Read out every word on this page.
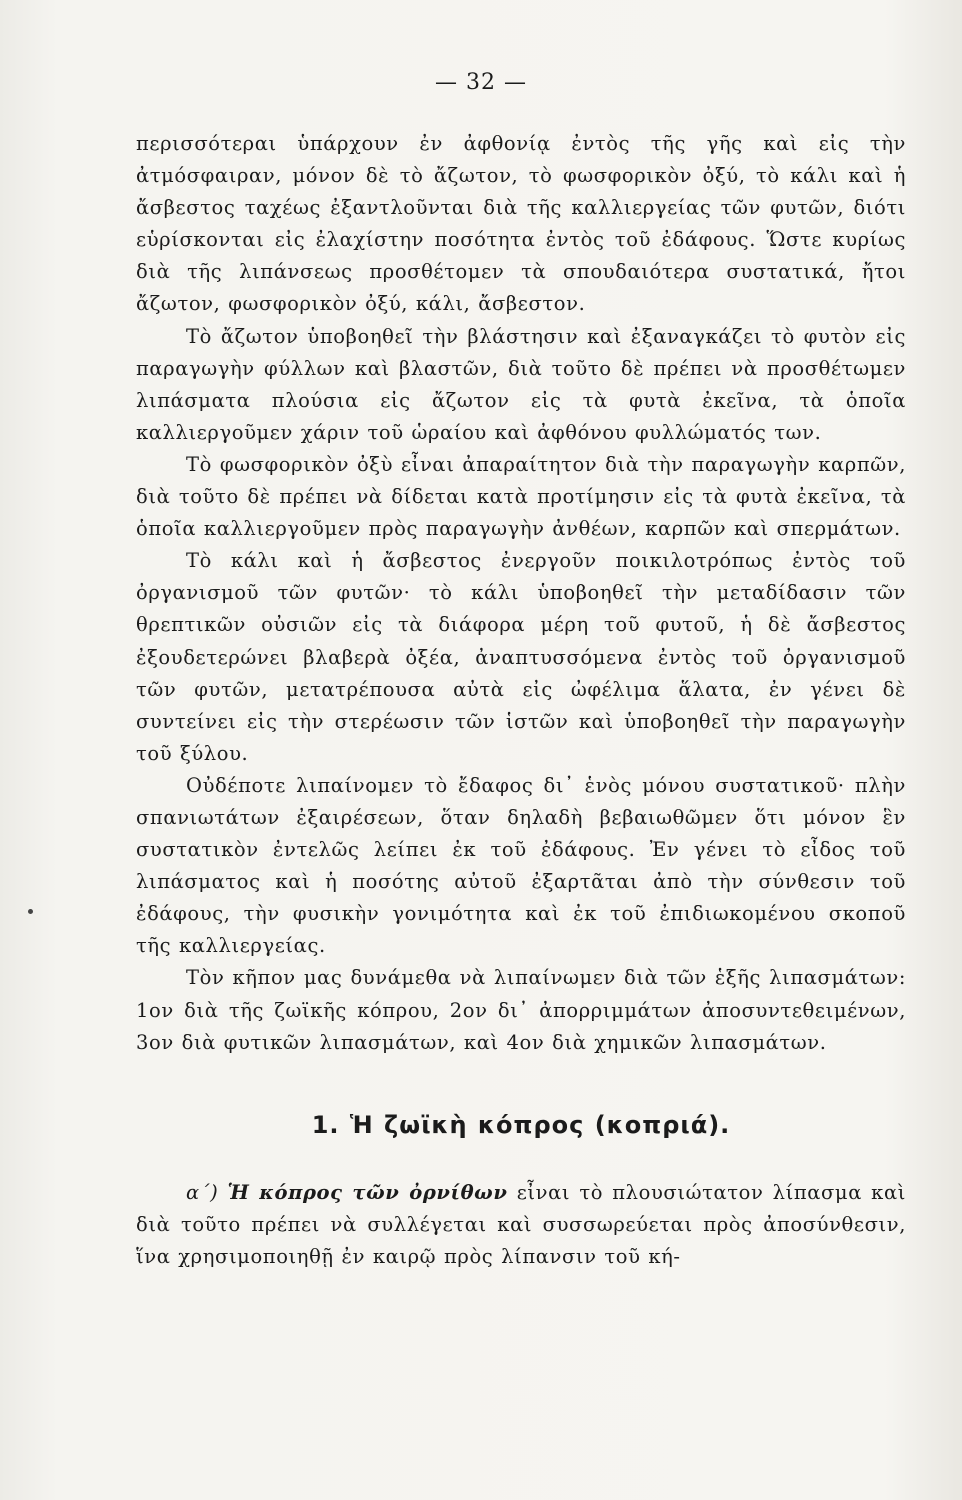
— 32 —

περισσότεραι ὑπάρχουν ἐν ἀφθονίᾳ ἐντὸς τῆς γῆς καὶ εἰς τὴν ἀτμόσφαιραν, μόνον δὲ τὸ ἄζωτον, τὸ φωσφορικὸν ὀξύ, τὸ κάλι καὶ ἡ ἄσβεστος ταχέως ἐξαντλοῦνται διὰ τῆς καλλιεργείας τῶν φυτῶν, διότι εὑρίσκονται εἰς ἐλαχίστην ποσότητα ἐντὸς τοῦ ἐδάφους. Ὥστε κυρίως διὰ τῆς λιπάνσεως προσθέτομεν τὰ σπουδαιότερα συστατικά, ἤτοι ἄζωτον, φωσφορικὸν ὀξύ, κάλι, ἄσβεστον.

Τὸ ἄζωτον ὑποβοηθεῖ τὴν βλάστησιν καὶ ἐξαναγκάζει τὸ φυτὸν εἰς παραγωγὴν φύλλων καὶ βλαστῶν, διὰ τοῦτο δὲ πρέπει νὰ προσθέτωμεν λιπάσματα πλούσια εἰς ἄζωτον εἰς τὰ φυτὰ ἐκεῖνα, τὰ ὁποῖα καλλιεργοῦμεν χάριν τοῦ ὡραίου καὶ ἀφθόνου φυλλώματός των.

Τὸ φωσφορικὸν ὀξὺ εἶναι ἀπαραίτητον διὰ τὴν παραγωγὴν καρπῶν, διὰ τοῦτο δὲ πρέπει νὰ δίδεται κατὰ προτίμησιν εἰς τὰ φυτὰ ἐκεῖνα, τὰ ὁποῖα καλλιεργοῦμεν πρὸς παραγωγὴν ἀνθέων, καρπῶν καὶ σπερμάτων.

Τὸ κάλι καὶ ἡ ἄσβεστος ἐνεργοῦν ποικιλοτρόπως ἐντὸς τοῦ ὀργανισμοῦ τῶν φυτῶν· τὸ κάλι ὑποβοηθεῖ τὴν μεταδίδασιν τῶν θρεπτικῶν οὐσιῶν εἰς τὰ διάφορα μέρη τοῦ φυτοῦ, ἡ δὲ ἄσβεστος ἐξουδετερώνει βλαβερὰ ὀξέα, ἀναπτυσσόμενα ἐντὸς τοῦ ὀργανισμοῦ τῶν φυτῶν, μετατρέπουσα αὐτὰ εἰς ὠφέλιμα ἅλατα, ἐν γένει δὲ συντείνει εἰς τὴν στερέωσιν τῶν ἱστῶν καὶ ὑποβοηθεῖ τὴν παραγωγὴν τοῦ ξύλου.

Οὐδέποτε λιπαίνομεν τὸ ἔδαφος δι᾿ ἑνὸς μόνου συστατικοῦ· πλὴν σπανιωτάτων ἐξαιρέσεων, ὅταν δηλαδὴ βεβαιωθῶμεν ὅτι μόνον ἓν συστατικὸν ἐντελῶς λείπει ἐκ τοῦ ἐδάφους. Ἐν γένει τὸ εἶδος τοῦ λιπάσματος καὶ ἡ ποσότης αὐτοῦ ἐξαρτᾶται ἀπὸ τὴν σύνθεσιν τοῦ ἐδάφους, τὴν φυσικὴν γονιμότητα καὶ ἐκ τοῦ ἐπιδιωκομένου σκοποῦ τῆς καλλιεργείας.

Τὸν κῆπον μας δυνάμεθα νὰ λιπαίνωμεν διὰ τῶν ἑξῆς λιπασμάτων: 1ον διὰ τῆς ζωϊκῆς κόπρου, 2ον δι᾿ ἀπορριμμάτων ἀποσυντεθειμένων, 3ον διὰ φυτικῶν λιπασμάτων, καὶ 4ον διὰ χημικῶν λιπασμάτων.

1. Ἡ ζωϊκὴ κόπρος (κοπριά).

α΄) Ἡ κόπρος τῶν ὀρνίθων εἶναι τὸ πλουσιώτατον λίπασμα καὶ διὰ τοῦτο πρέπει νὰ συλλέγεται καὶ συσσωρεύεται πρὸς ἀποσύνθεσιν, ἵνα χρησιμοποιηθῇ ἐν καιρῷ πρὸς λίπανσιν τοῦ κή-
